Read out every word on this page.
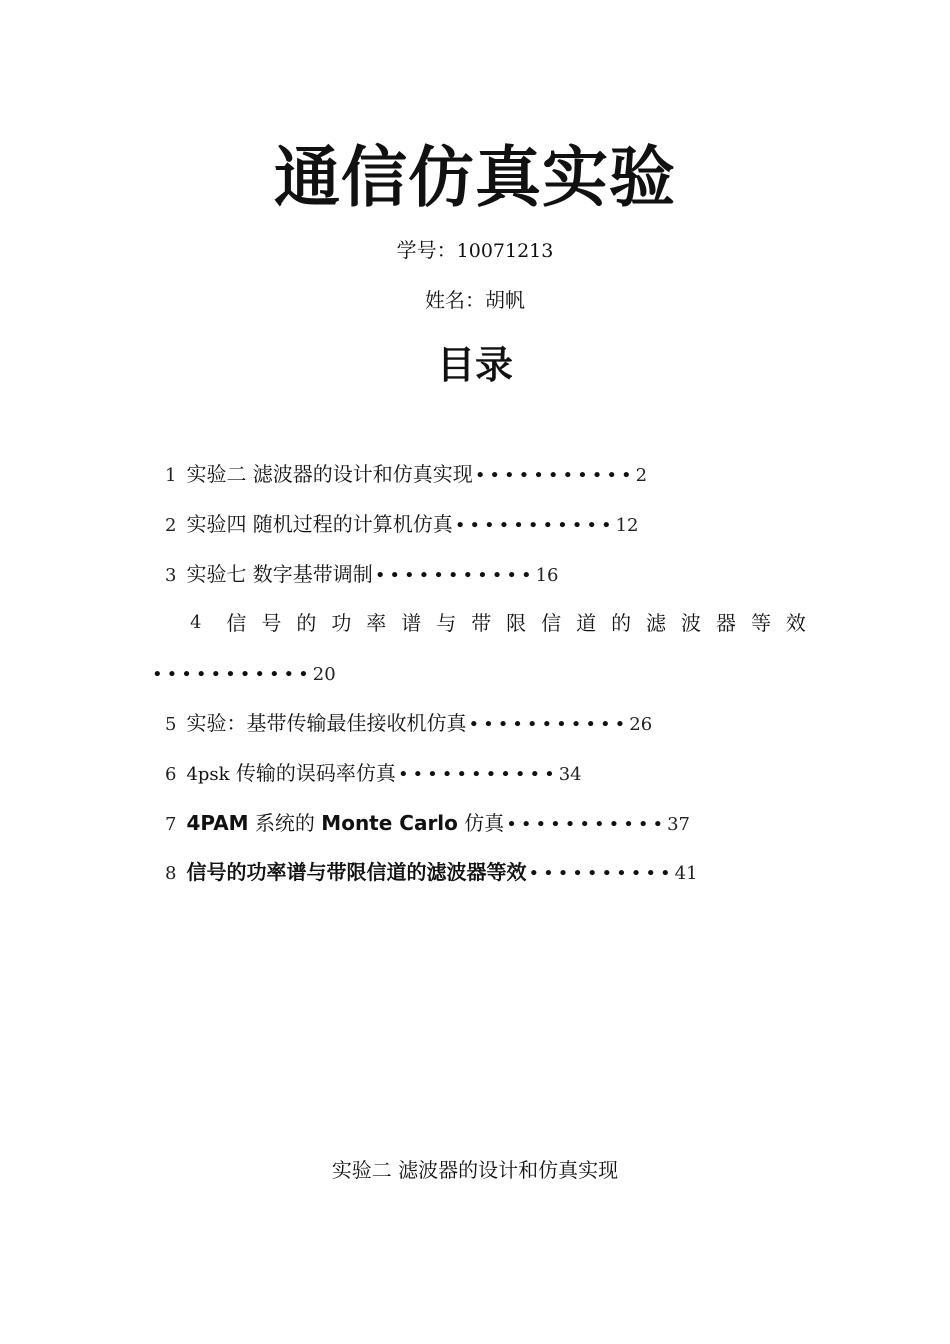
通信仿真实验
学号：10071213
姓名：胡帆
目录
1 实验二 滤波器的设计和仿真实现 •••••••••••2
2 实验四 随机过程的计算机仿真 •••••••••••12
3 实验七 数字基带调制 •••••••••••16
4 信 号 的 功 率 谱 与 带 限 信 道 的 滤 波 器 等 效
•••••••••••20
5 实验：基带传输最佳接收机仿真 •••••••••••26
6 4psk 传输的误码率仿真 •••••••••••34
7 4PAM 系统的 Monte Carlo 仿真 •••••••••••37
8 信号的功率谱与带限信道的滤波器等效 ••••••••••41
实验二 滤波器的设计和仿真实现
